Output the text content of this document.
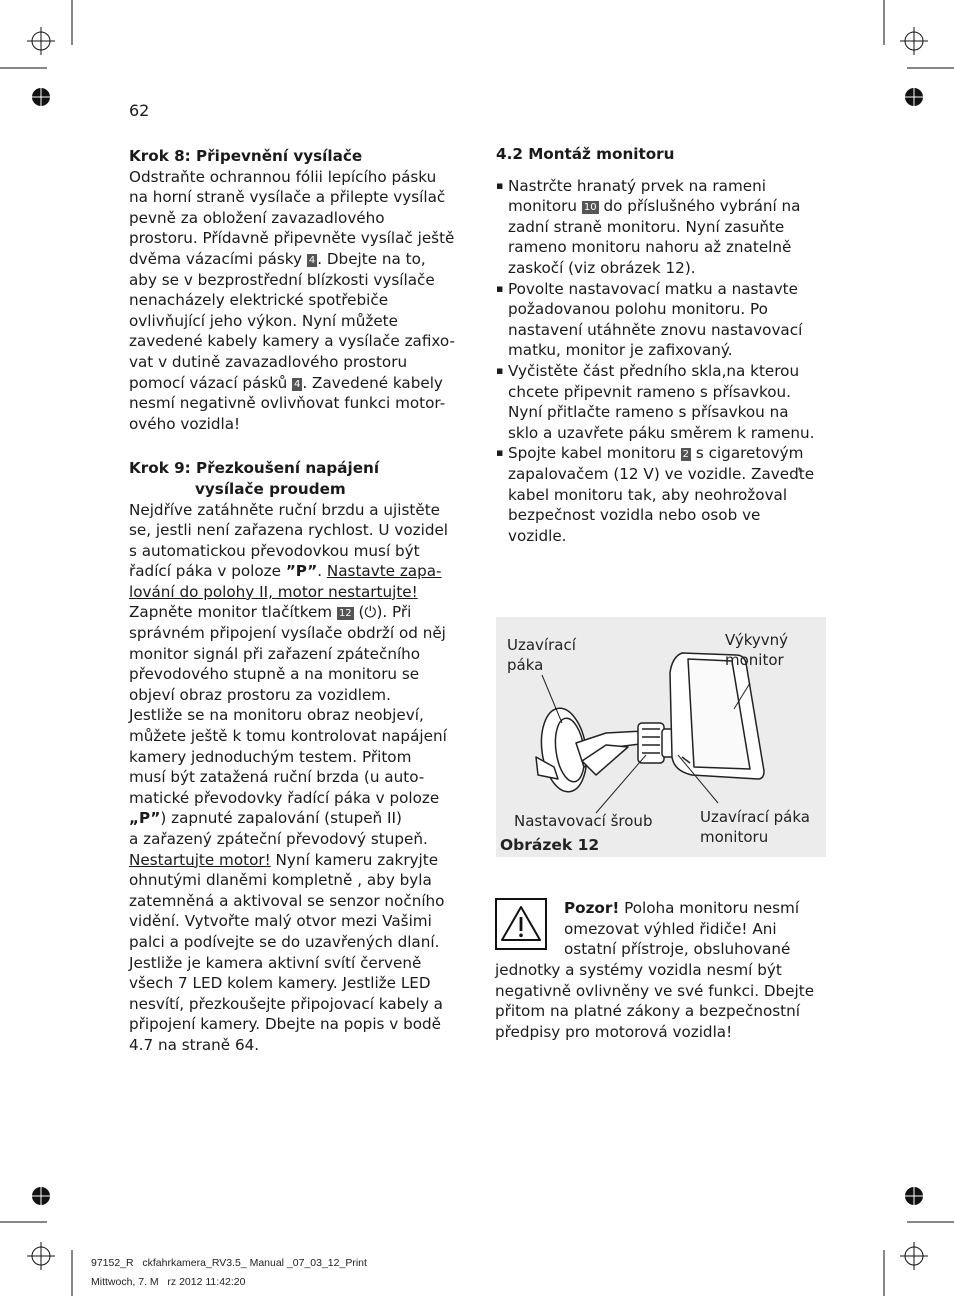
62

Krok 8: Připevnění vysílače

Odstraňte ochrannou fólii lepícího pásku

na horní straně vysílače a přilepte vysílač

pevně za obložení zavazadlového

prostoru. Přídavně připevněte vysílač ještě

dvěma vázacími pásky 4 . Dbejte na to,

aby se v bezprostřední blízkosti vysílače

nenacházely elektrické spotřebiče

ovlivňující jeho výkon. Nyní můžete

zavedené kabely kamery a vysílače zafixo-

vat v dutině zavazadlového prostoru

pomocí vázací pásků 4 . Zavedené kabely

nesmí negativně ovlivňovat funkci motor-

ového vozidla!

Krok 9: Přezkoušení napájení

vysílače proudem

Nejdříve zatáhněte ruční brzdu a ujistěte

se, jestli není zařazena rychlost. U vozidel

s automatickou převodovkou musí být

řadící páka v poloze ”P”. Nastavte zapa-

lování do polohy II, motor nestartujte!

Zapněte monitor tlačítkem 12 (⏻). Při

správném připojení vysílače obdrží od něj

monitor signál při zařazení zpátečního

převodového stupně a na monitoru se

objeví obraz prostoru za vozidlem.

Jestliže se na monitoru obraz neobjeví,

můžete ještě k tomu kontrolovat napájení

kamery jednoduchým testem. Přitom

musí být zatažená ruční brzda (u auto-

matické převodovky řadící páka v poloze

„P”) zapnuté zapalování (stupeň II)

a zařazený zpáteční převodový stupeň.

Nestartujte motor! Nyní kameru zakryjte

ohnutými dlaněmi kompletně , aby byla

zatemněná a aktivoval se senzor nočního

vidění. Vytvořte malý otvor mezi Vašimi

palci a podívejte se do uzavřených dlaní.

Jestliže je kamera aktivní svítí červeně

všech 7 LED kolem kamery. Jestliže LED

nesvítí, přezkoušejte připojovací kabely a

připojení kamery. Dbejte na popis v bodě

4.7 na straně 64.

4.2 Montáž monitoru

▪ Nastrčte hranatý prvek na rameni

monitoru 10 do příslušného vybrání na

zadní straně monitoru. Nyní zasuňte

rameno monitoru nahoru až znatelně

zaskočí (viz obrázek 12).

▪ Povolte nastavovací matku a nastavte

požadovanou polohu monitoru. Po

nastavení utáhněte znovu nastavovací

matku, monitor je zafixovaný.

▪ Vyčistěte část předního skla,na kterou

chcete připevnit rameno s přísavkou.

Nyní přitlačte rameno s přísavkou na

sklo a uzavřete páku směrem k ramenu.

▪ Spojte kabel monitoru 2 s cigaretovým

zapalovačem (12 V) ve vozidle. Zaveďte

kabel monitoru tak, aby neohrožoval

bezpečnost vozidla nebo osob ve

vozidle.

Uzavírací
páka
Výkyvný
monitor
Nastavovací šroub	Uzavírací páka
monitoru
Obrázek 12

Pozor! Poloha monitoru nesmí

omezovat výhled řidiče! Ani

ostatní přístroje, obsluhované

jednotky a systémy vozidla nesmí být

negativně ovlivněny ve své funkci. Dbejte

přitom na platné zákony a bezpečnostní

předpisy pro motorová vozidla!

97152_R   ckfahrkamera_RV3.5_ Manual _07_03_12_Print
Mittwoch, 7. M   rz 2012 11:42:20
